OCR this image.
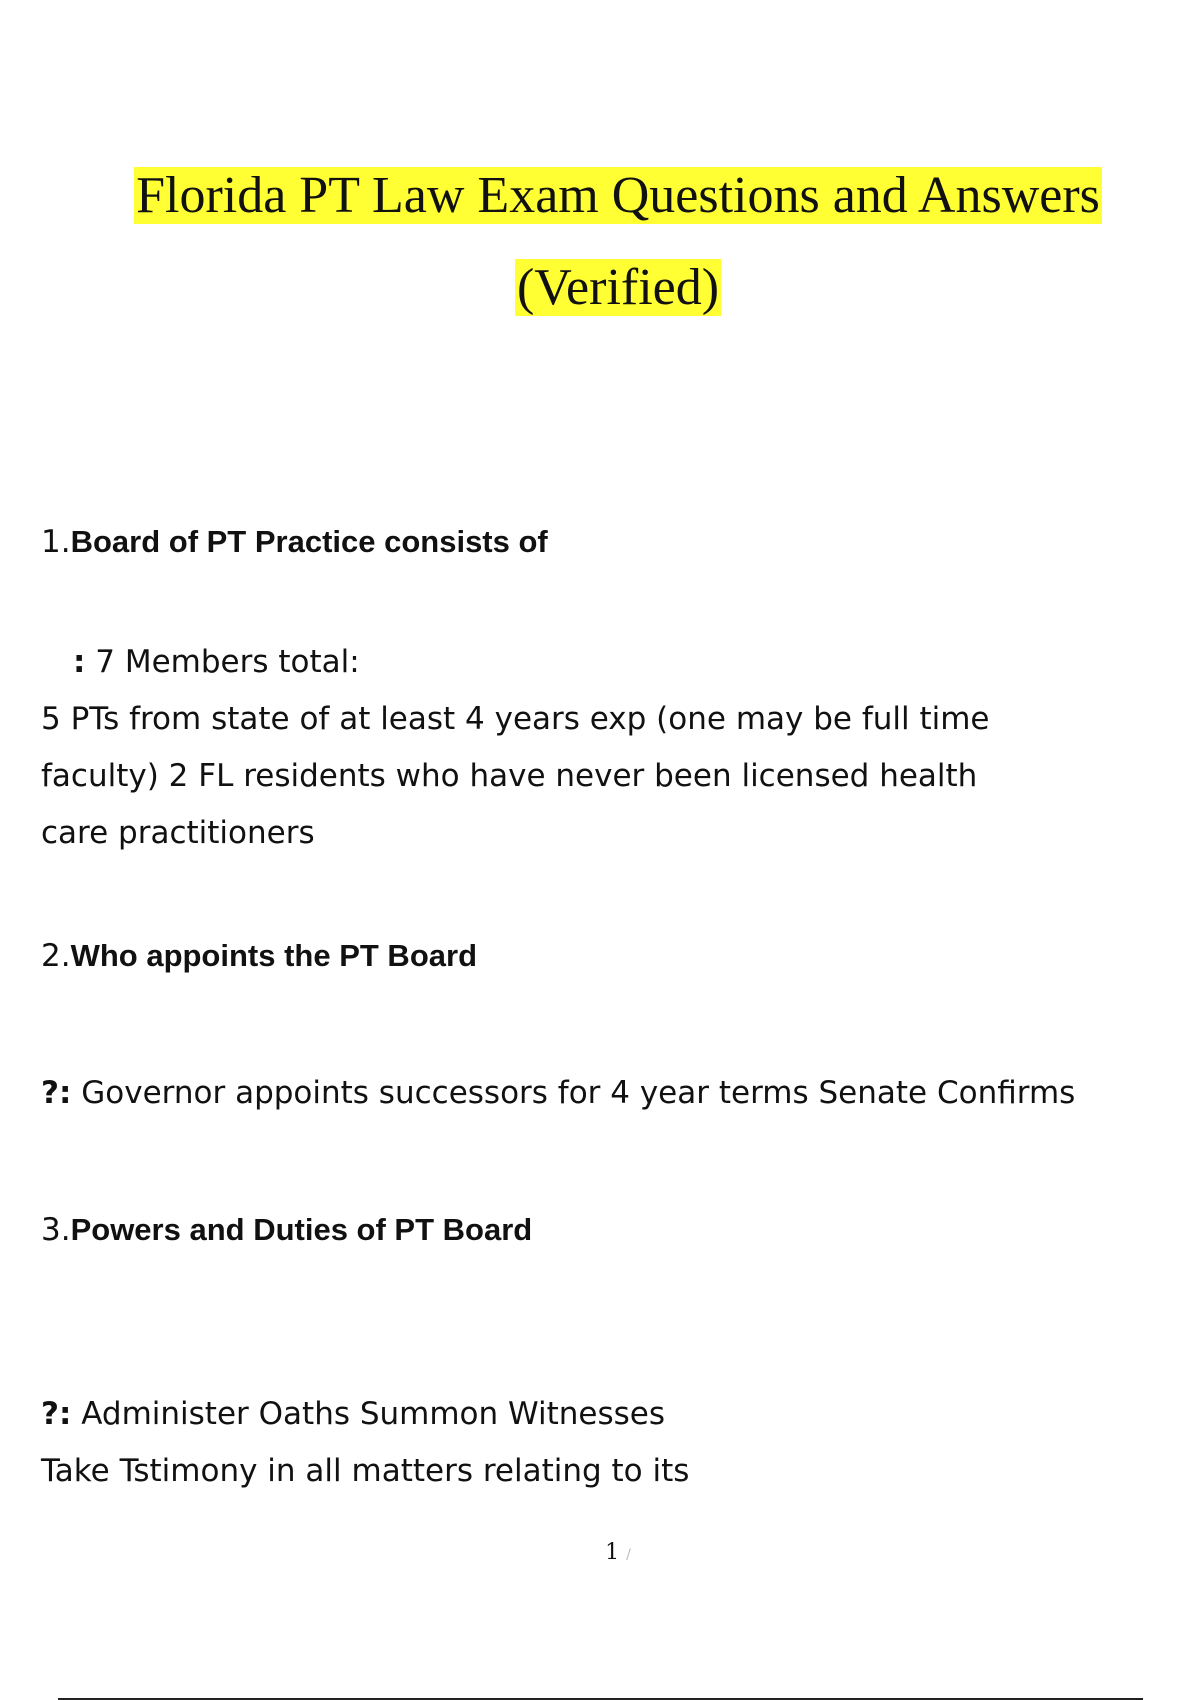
Florida PT Law Exam Questions and Answers
(Verified)
1.Board of PT Practice consists of
: 7 Members total:
5 PTs from state of at least 4 years exp (one may be full time
faculty) 2 FL residents who have never been licensed health
care practitioners
2.Who appoints the PT Board
?: Governor appoints successors for 4 year terms Senate Confirms
3.Powers and Duties of PT Board
?: Administer Oaths Summon Witnesses
Take Tstimony in all matters relating to its
1 /
